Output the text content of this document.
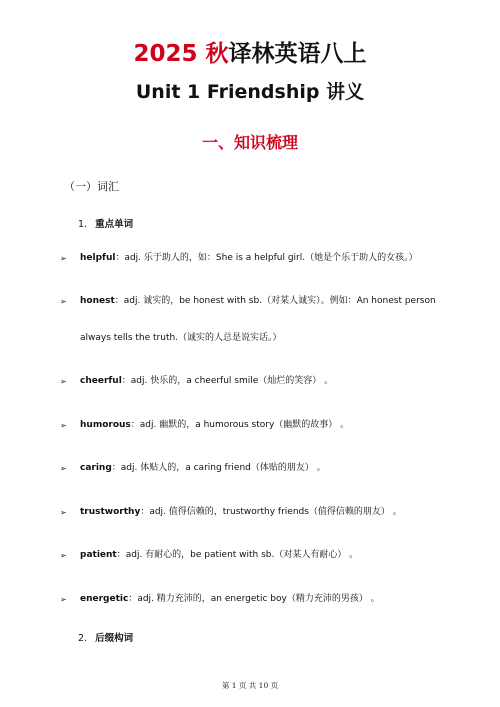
2025 秋译林英语八上
Unit 1 Friendship 讲义
一、知识梳理
（一）词汇
1. 重点单词
➢ helpful：adj. 乐于助人的，如：She is a helpful girl.（她是个乐于助人的女孩。）
➢ honest：adj. 诚实的，be honest with sb.（对某人诚实）。例如：An honest person
always tells the truth.（诚实的人总是说实话。）
➢ cheerful：adj. 快乐的，a cheerful smile（灿烂的笑容） 。
➢ humorous：adj. 幽默的，a humorous story（幽默的故事） 。
➢ caring：adj. 体贴人的，a caring friend（体贴的朋友） 。
➢ trustworthy：adj. 值得信赖的，trustworthy friends（值得信赖的朋友） 。
➢ patient：adj. 有耐心的，be patient with sb.（对某人有耐心） 。
➢ energetic：adj. 精力充沛的，an energetic boy（精力充沛的男孩） 。
2. 后缀构词
第 1 页 共 10 页
